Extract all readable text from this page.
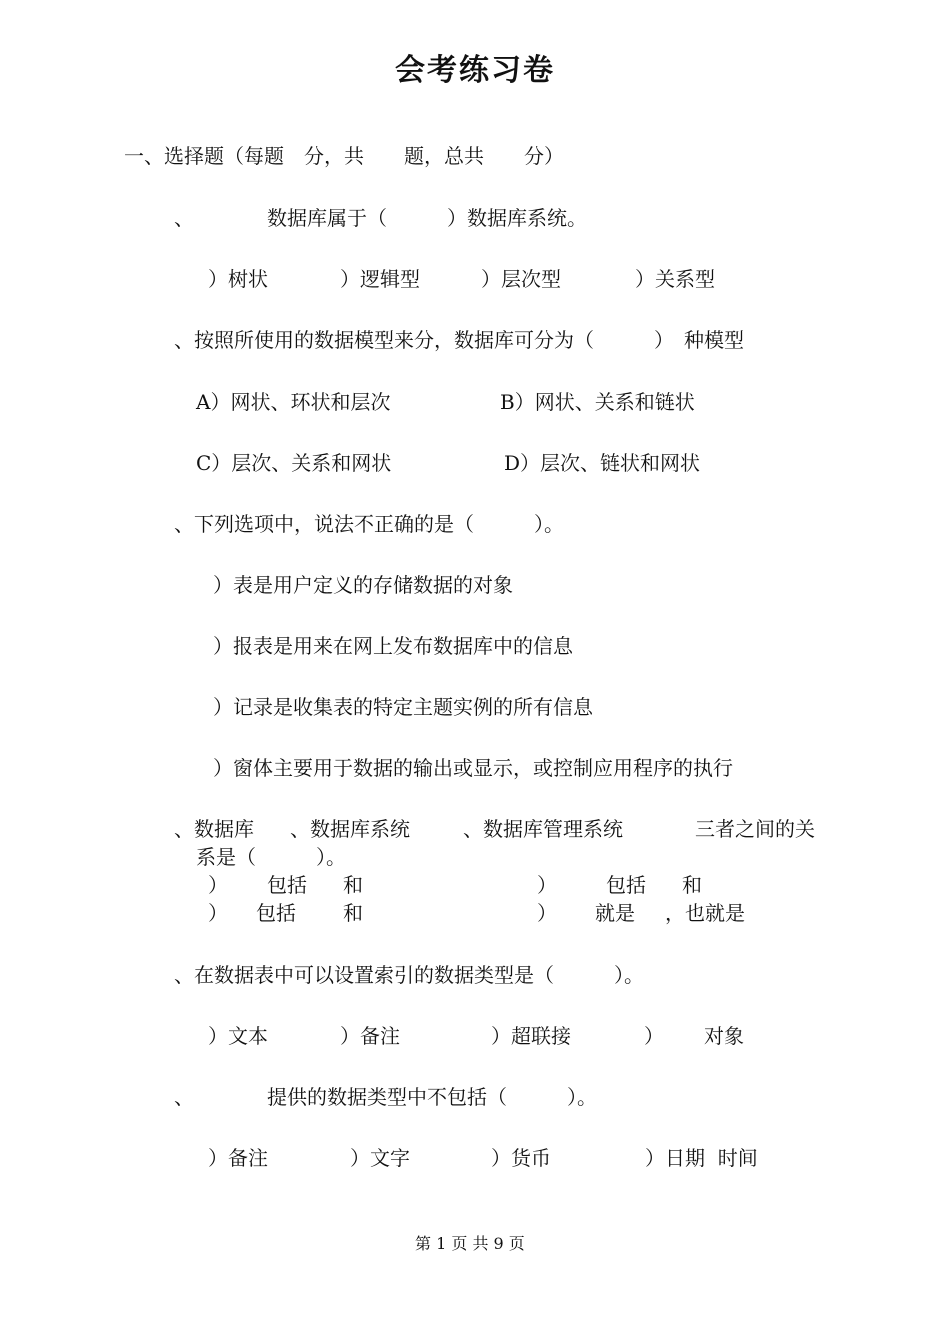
会考练习卷
一、选择题（每题　分，共　　题，总共　　分）
、	数据库属于（　　　）数据库系统。
）树状	）逻辑型	）层次型	）关系型
、按照所使用的数据模型来分，数据库可分为（　　　）　种模型
A）网状、环状和层次	B）网状、关系和链状
C）层次、关系和网状	D）层次、链状和网状
、下列选项中，说法不正确的是（　　　）。
）表是用户定义的存储数据的对象
）报表是用来在网上发布数据库中的信息
）记录是收集表的特定主题实例的所有信息
）窗体主要用于数据的输出或显示，或控制应用程序的执行
、数据库 、数据库系统	、数据库管理系统	三者之间的关
系是（　　　）。
） 包括 和	） 包括 和
） 包括 和	） 就是 ，也就是
、在数据表中可以设置索引的数据类型是（　　　）。
）文本	）备注	）超联接	） 对象
、	提供的数据类型中不包括（　　　）。
）备注	）文字	）货币	）日期  时间
第 1 页 共 9 页
